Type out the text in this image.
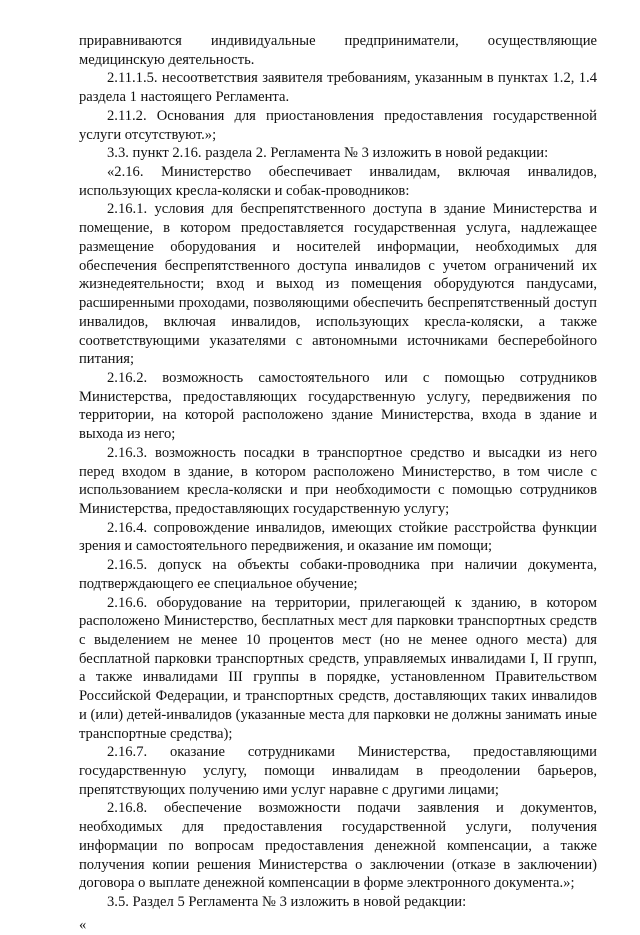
приравниваются индивидуальные предприниматели, осуществляющие медицинскую деятельность.

2.11.1.5. несоответствия заявителя требованиям, указанным в пунктах 1.2, 1.4 раздела 1 настоящего Регламента.

2.11.2. Основания для приостановления предоставления государственной услуги отсутствуют.»;

3.3. пункт 2.16. раздела 2. Регламента № 3 изложить в новой редакции:

«2.16. Министерство обеспечивает инвалидам, включая инвалидов, использующих кресла-коляски и собак-проводников:

2.16.1. условия для беспрепятственного доступа в здание Министерства и помещение, в котором предоставляется государственная услуга, надлежащее размещение оборудования и носителей информации, необходимых для обеспечения беспрепятственного доступа инвалидов с учетом ограничений их жизнедеятельности; вход и выход из помещения оборудуются пандусами, расширенными проходами, позволяющими обеспечить беспрепятственный доступ инвалидов, включая инвалидов, использующих кресла-коляски, а также соответствующими указателями с автономными источниками бесперебойного питания;

2.16.2. возможность самостоятельного или с помощью сотрудников Министерства, предоставляющих государственную услугу, передвижения по территории, на которой расположено здание Министерства, входа в здание и выхода из него;

2.16.3. возможность посадки в транспортное средство и высадки из него перед входом в здание, в котором расположено Министерство, в том числе с использованием кресла-коляски и при необходимости с помощью сотрудников Министерства, предоставляющих государственную услугу;

2.16.4. сопровождение инвалидов, имеющих стойкие расстройства функции зрения и самостоятельного передвижения, и оказание им помощи;

2.16.5. допуск на объекты собаки-проводника при наличии документа, подтверждающего ее специальное обучение;

2.16.6. оборудование на территории, прилегающей к зданию, в котором расположено Министерство, бесплатных мест для парковки транспортных средств с выделением не менее 10 процентов мест (но не менее одного места) для бесплатной парковки транспортных средств, управляемых инвалидами I, II групп, а также инвалидами III группы в порядке, установленном Правительством Российской Федерации, и транспортных средств, доставляющих таких инвалидов и (или) детей-инвалидов (указанные места для парковки не должны занимать иные транспортные средства);

2.16.7. оказание сотрудниками Министерства, предоставляющими государственную услугу, помощи инвалидам в преодолении барьеров, препятствующих получению ими услуг наравне с другими лицами;

2.16.8. обеспечение возможности подачи заявления и документов, необходимых для предоставления государственной услуги, получения информации по вопросам предоставления денежной компенсации, а также получения копии решения Министерства о заключении (отказе в заключении) договора о выплате денежной компенсации в форме электронного документа.»;

3.5. Раздел 5 Регламента № 3 изложить в новой редакции:

«
